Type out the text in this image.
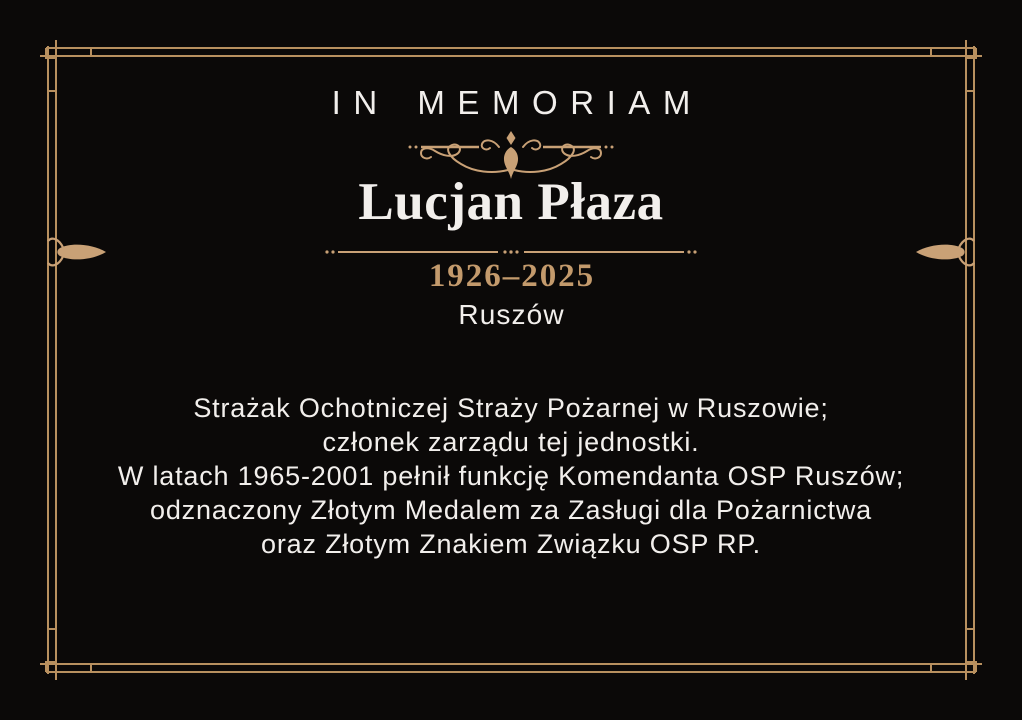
IN MEMORIAM
Lucjan Płaza
1926–2025
Ruszów
Strażak Ochotniczej Straży Pożarnej w Ruszowie;
członek zarządu tej jednostki.
W latach 1965-2001 pełnił funkcję Komendanta OSP Ruszów;
odznaczony Złotym Medalem za Zasługi dla Pożarnictwa
oraz Złotym Znakiem Związku OSP RP.
